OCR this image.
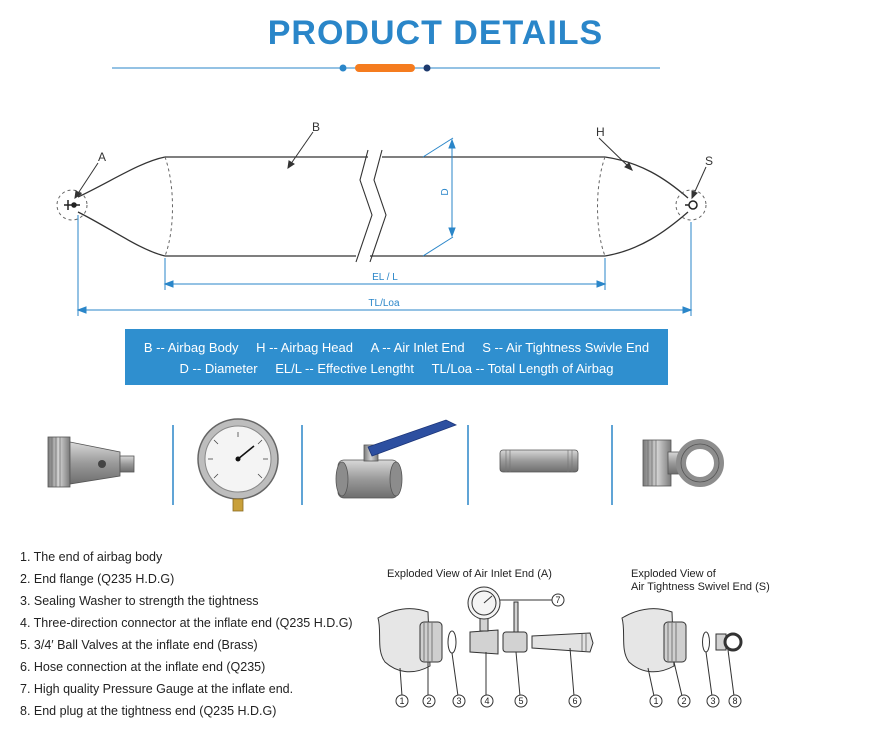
PRODUCT DETAILS
A
B	H
S
D
EL / L
TL/Loa
B -- Airbag Body H -- Airbag Head A -- Air Inlet End S -- Air Tightness Swivle End
D -- Diameter EL/L -- Effective Lengtht TL/Loa -- Total Length of Airbag
1. The end of airbag body
2. End flange (Q235 H.D.G)
3. Sealing Washer to strength the tightness
4. Three-direction connector at the inflate end (Q235 H.D.G)
5. 3/4′ Ball Valves at the inflate end (Brass)
6. Hose connection at the inflate end (Q235)
7. High quality Pressure Gauge at the inflate end.
8. End plug at the tightness end (Q235 H.D.G)
Exploded View of Air Inlet End (A)	Exploded View of
Air Tightness Swivel End (S)
1 2	3	4	5	6
7
1	2	3 8
